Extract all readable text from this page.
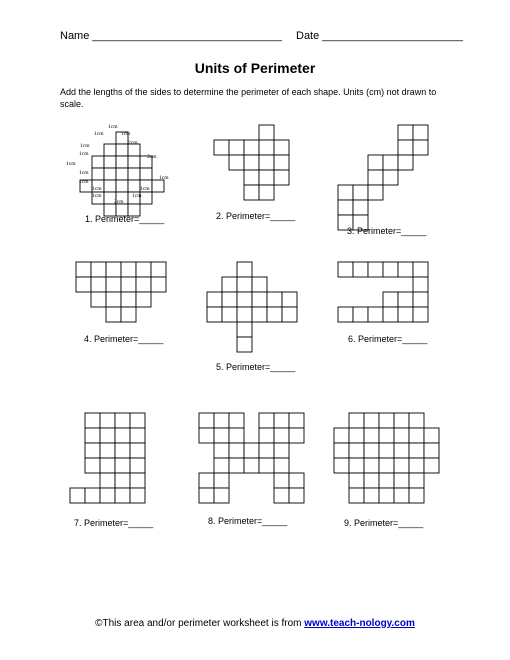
Name _______________________________ Date _______________________
Units of Perimeter
Add the lengths of the sides to determine the perimeter of each shape. Units (cm) not drawn to scale.
1cm
1cm	1cm
1cm	2cm
1cm
1cm
1cm
1cm
1cm
1cm	1cm
2cm
1cm
1cm
2cm
1. Perimeter=_____	2. Perimeter=_____
3. Perimeter=_____
4. Perimeter=_____
5. Perimeter=_____
6. Perimeter=_____
7. Perimeter=_____	8. Perimeter=_____	9. Perimeter=_____
©This area and/or perimeter worksheet is from www.teach-nology.com
